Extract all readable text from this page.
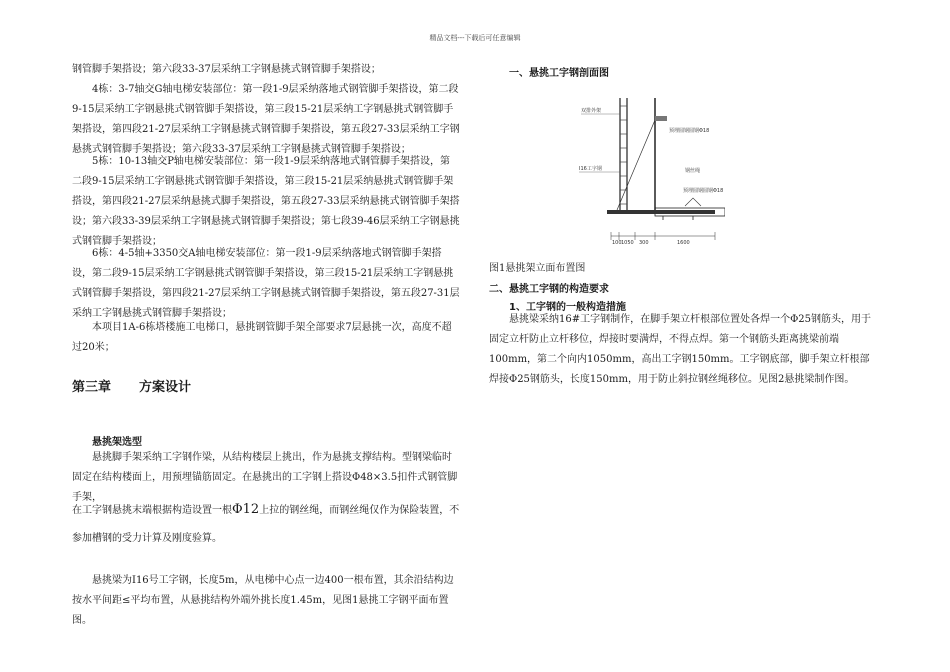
精品文档---下载后可任意编辑

钢管脚手架搭设；第六段33-37层采纳工字钢悬挑式钢管脚手架搭设；

4栋：3-7轴交G轴电梯安装部位：第一段1-9层采纳落地式钢管脚手架搭设，第二段9-15层采纳工字钢悬挑式钢管脚手架搭设，第三段15-21层采纳工字钢悬挑式钢管脚手架搭设，第四段21-27层采纳工字钢悬挑式钢管脚手架搭设，第五段27-33层采纳工字钢悬挑式钢管脚手架搭设；第六段33-37层采纳工字钢悬挑式钢管脚手架搭设；

5栋：10-13轴交P轴电梯安装部位：第一段1-9层采纳落地式钢管脚手架搭设，第二段9-15层采纳工字钢悬挑式钢管脚手架搭设，第三段15-21层采纳悬挑式钢管脚手架搭设，第四段21-27层采纳悬挑式脚手架搭设，第五段27-33层采纳悬挑式钢管脚手架搭设；第六段33-39层采纳工字钢悬挑式钢管脚手架搭设；第七段39-46层采纳工字钢悬挑式钢管脚手架搭设；

6栋：4-5轴+3350交A轴电梯安装部位：第一段1-9层采纳落地式钢管脚手架搭设，第二段9-15层采纳工字钢悬挑式钢管脚手架搭设，第三段15-21层采纳工字钢悬挑式钢管脚手架搭设，第四段21-27层采纳工字钢悬挑式钢管脚手架搭设，第五段27-31层采纳工字钢悬挑式钢管脚手架搭设；

本项目1A-6栋塔楼施工电梯口，悬挑钢管脚手架全部要求7层悬挑一次，高度不超过20米；

第三章 方案设计
悬挑架选型

悬挑脚手架采纳工字钢作梁，从结构楼层上挑出，作为悬挑支撑结构。型钢梁临时固定在结构楼面上，用预埋锚筋固定。在悬挑出的工字钢上搭设Φ48×3.5扣件式钢管脚手架，

在工字钢悬挑末端根据构造设置一根Φ12上拉的钢丝绳，而钢丝绳仅作为保险装置，不参加槽钢的受力计算及刚度验算。

悬挑梁为I16号工字钢，长度5m，从电梯中心点一边400一根布置，其余沿结构边按水平间距≤平均布置，从悬挑结构外端外挑长度1.45m，见图1悬挑工字钢平面布置图。

一、悬挑工字钢剖面图
100 1050 300	1600
双排外架
预埋圆钢圆钢Φ18
I16工字钢	钢丝绳
预埋圆钢圆钢Φ18
图1悬挑架立面布置图
二、悬挑工字钢的构造要求
1、工字钢的一般构造措施

悬挑梁采纳16#工字钢制作，在脚手架立杆根部位置处各焊一个Φ25钢筋头，用于固定立杆防止立杆移位，焊接时要满焊，不得点焊。第一个钢筋头距离挑梁前端100mm，第二个向内1050mm，高出工字钢150mm。工字钢底部，脚手架立杆根部焊接Φ25钢筋头，长度150mm，用于防止斜拉钢丝绳移位。见图2悬挑梁制作图。
